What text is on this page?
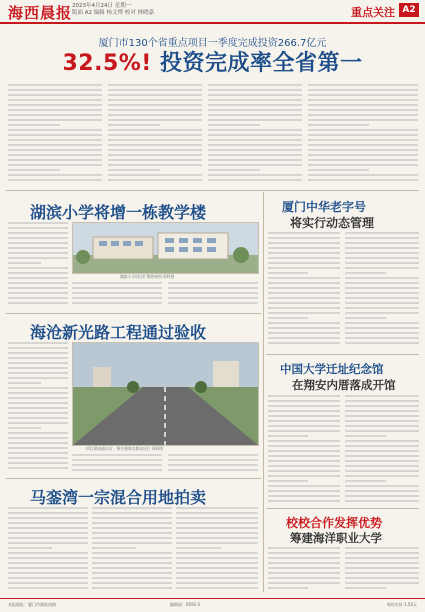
海西晨报 2023年4月24日 星期一
版面 A2 编辑 杨文博 校对 林晓嘉	重点关注 A2
厦门市130个省重点项目一季度完成投资266.7亿元
32.5%! 投资完成率全省第一
湖滨小学将增一栋教学楼
湖滨小学项目扩建效果图 资料图
海沧新光路工程通过验收
项目建成通车后，将方便周边群众出行 资料图
马銮湾一宗混合用地拍卖
厦门中华老字号
将实行动态管理
中国大学迁址纪念馆
在翔安内厝落成开馆
校校合作发挥优势
筹建海洋职业大学
本报地址：厦门市湖滨南路	编辑部：0592-5	每份定价 1.50元
